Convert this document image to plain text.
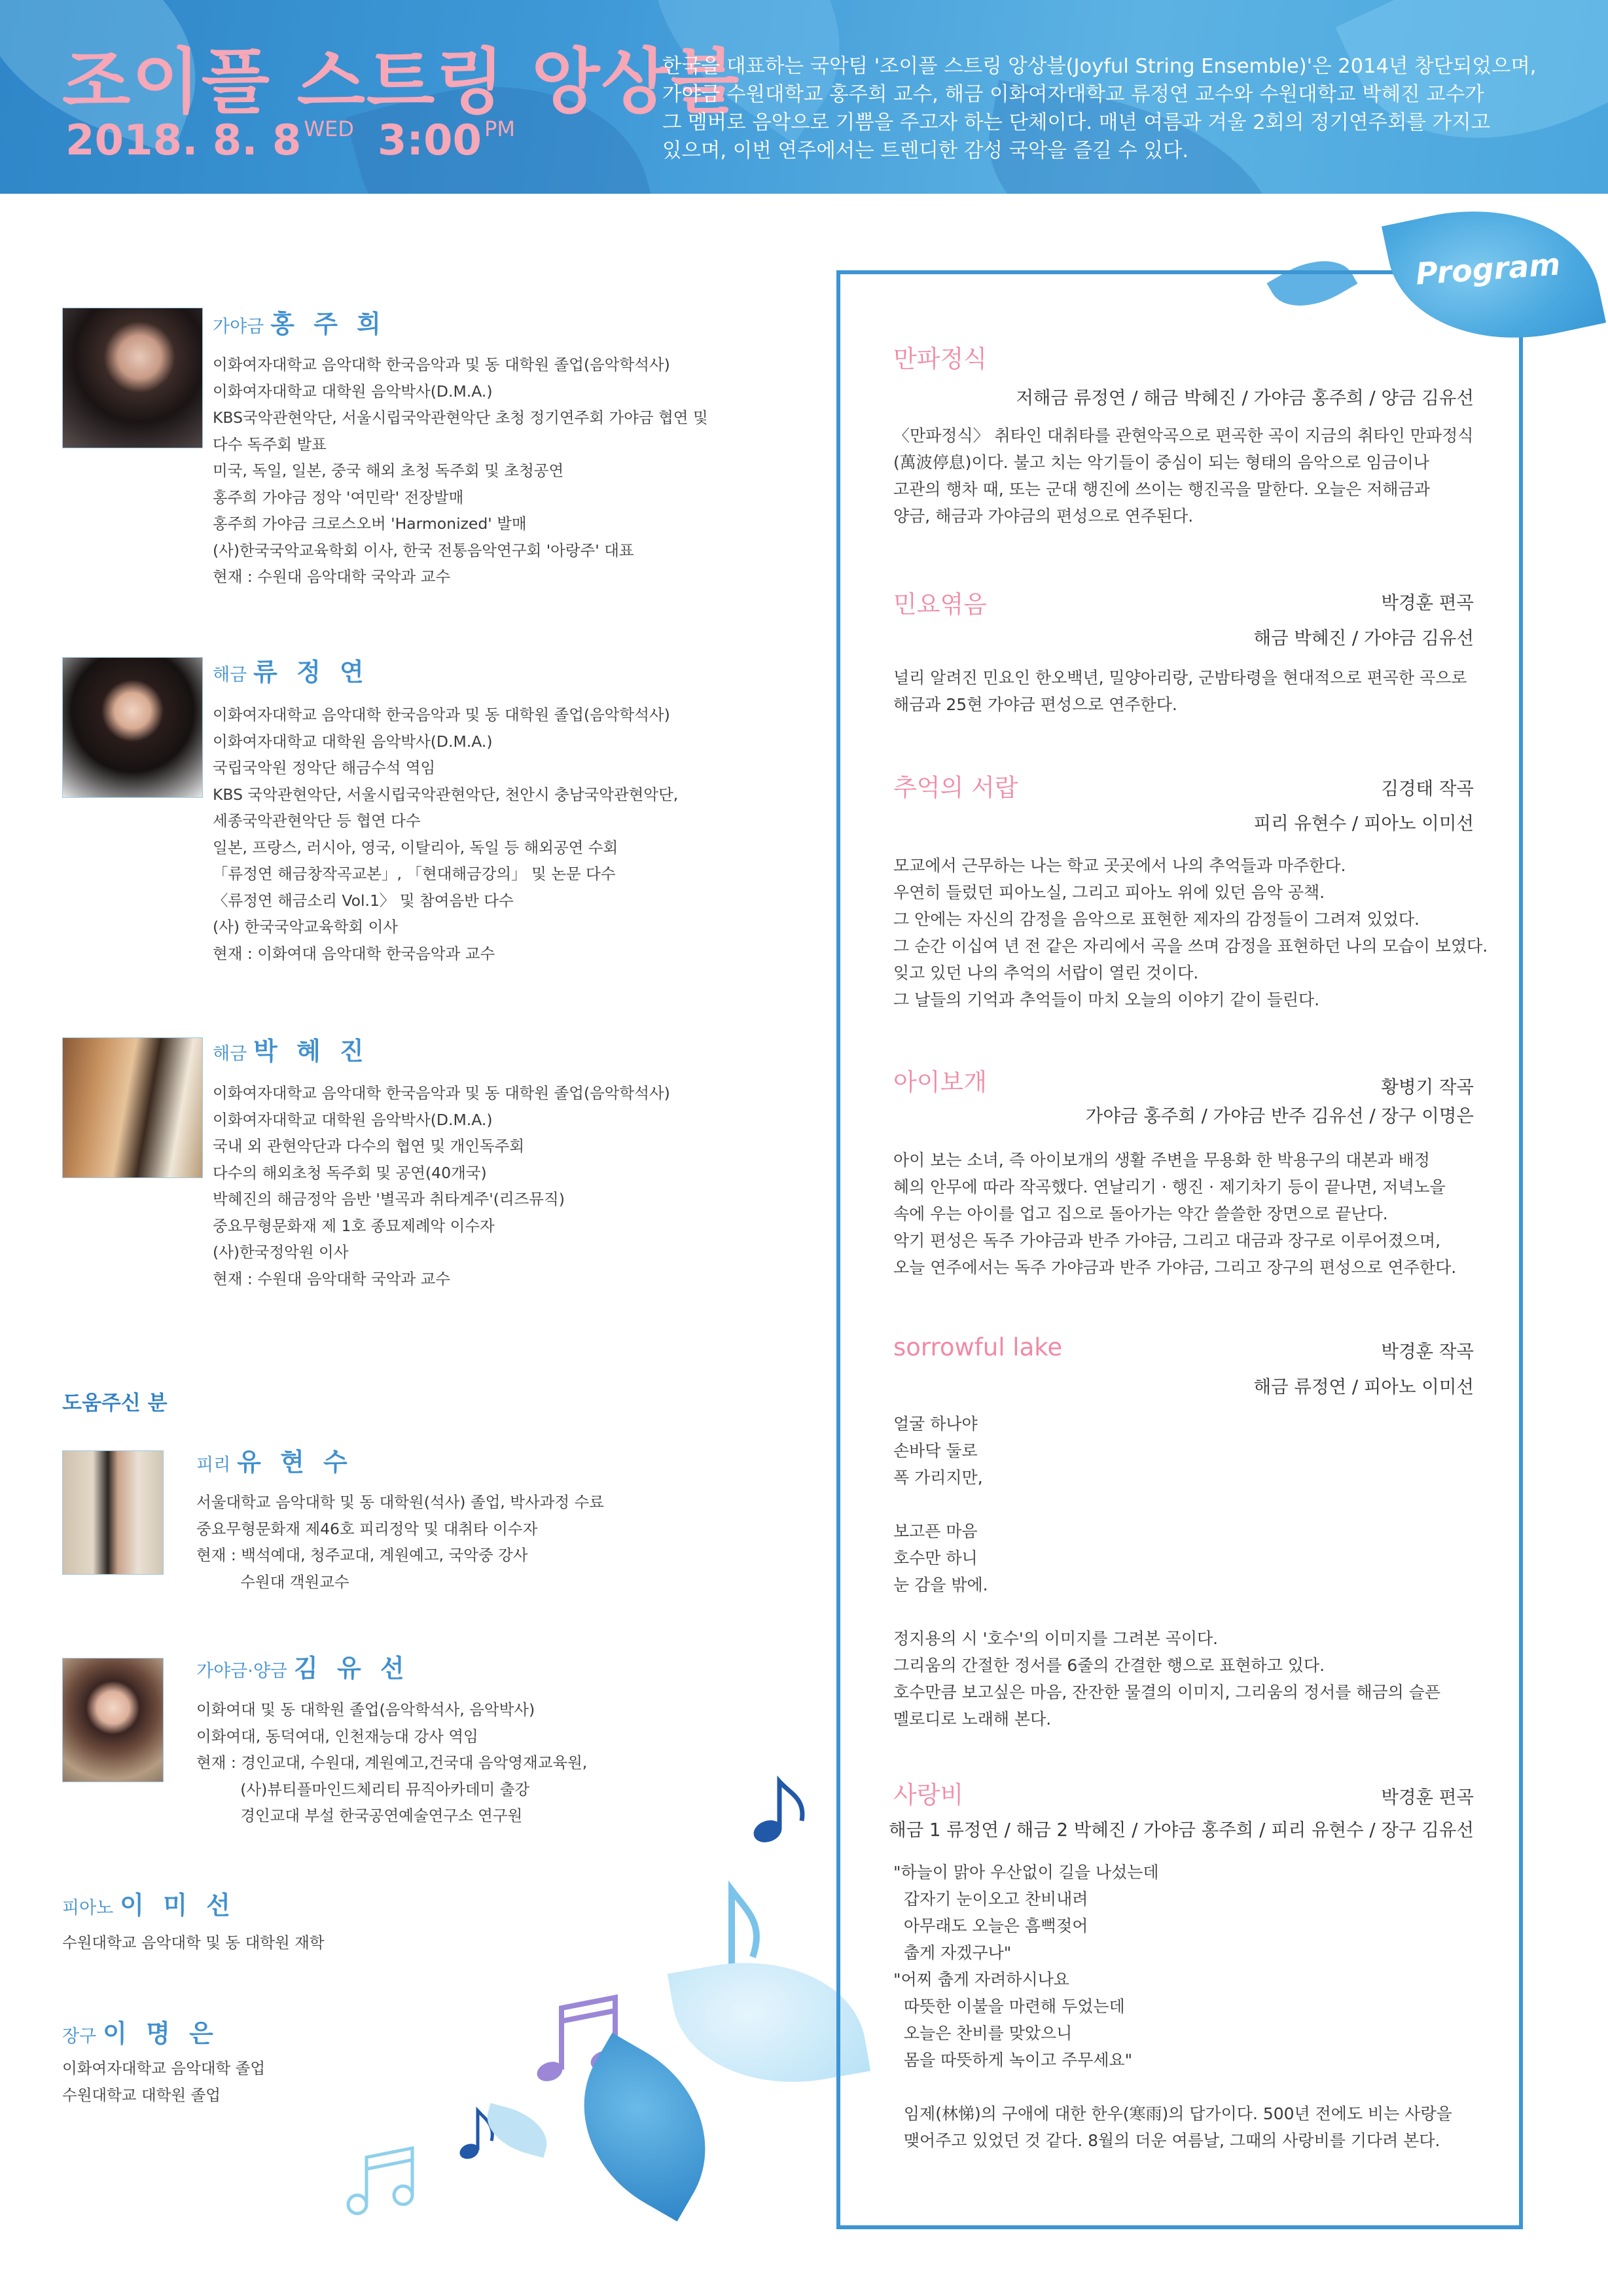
조이플 스트링 앙상블
2018. 8. 8 WED 3:00 PM
한국을 대표하는 국악팀 '조이플 스트링 앙상블(Joyful String Ensemble)'은 2014년 창단되었으며,
가야금 수원대학교 홍주희 교수, 해금 이화여자대학교 류정연 교수와 수원대학교 박혜진 교수가
그 멤버로 음악으로 기쁨을 주고자 하는 단체이다. 매년 여름과 겨울 2회의 정기연주회를 가지고
있으며, 이번 연주에서는 트렌디한 감성 국악을 즐길 수 있다.
가야금 홍 주 희
이화여자대학교 음악대학 한국음악과 및 동 대학원 졸업(음악학석사)
이화여자대학교 대학원 음악박사(D.M.A.)
KBS국악관현악단, 서울시립국악관현악단 초청 정기연주회 가야금 협연 및
다수 독주회 발표
미국, 독일, 일본, 중국 해외 초청 독주회 및 초청공연
홍주희 가야금 정악 '여민락' 전장발매
홍주희 가야금 크로스오버 'Harmonized' 발매
(사)한국국악교육학회 이사, 한국 전통음악연구회 '아랑주' 대표
현재 : 수원대 음악대학 국악과 교수
해금 류 정 연
이화여자대학교 음악대학 한국음악과 및 동 대학원 졸업(음악학석사)
이화여자대학교 대학원 음악박사(D.M.A.)
국립국악원 정악단 해금수석 역임
KBS 국악관현악단, 서울시립국악관현악단, 천안시 충남국악관현악단,
세종국악관현악단 등 협연 다수
일본, 프랑스, 러시아, 영국, 이탈리아, 독일 등 해외공연 수회
「류정연 해금창작곡교본」, 「현대해금강의」 및 논문 다수
〈류정연 해금소리 Vol.1〉 및 참여음반 다수
(사) 한국국악교육학회 이사
현재 : 이화여대 음악대학 한국음악과 교수
해금 박 혜 진
이화여자대학교 음악대학 한국음악과 및 동 대학원 졸업(음악학석사)
이화여자대학교 대학원 음악박사(D.M.A.)
국내 외 관현악단과 다수의 협연 및 개인독주회
다수의 해외초청 독주회 및 공연(40개국)
박혜진의 해금정악 음반 '별곡과 취타계주'(리즈뮤직)
중요무형문화재 제 1호 종묘제례악 이수자
(사)한국정악원 이사
현재 : 수원대 음악대학 국악과 교수
도움주신 분
피리 유 현 수
서울대학교 음악대학 및 동 대학원(석사) 졸업, 박사과정 수료
중요무형문화재 제46호 피리정악 및 대취타 이수자
현재 : 백석예대, 청주교대, 계원예고, 국악중 강사
수원대 객원교수
가야금·양금 김 유 선
이화여대 및 동 대학원 졸업(음악학석사, 음악박사)
이화여대, 동덕여대, 인천재능대 강사 역임
현재 : 경인교대, 수원대, 계원예고,건국대 음악영재교육원,
(사)뷰티플마인드체리티 뮤직아카데미 출강
경인교대 부설 한국공연예술연구소 연구원
피아노 이 미 선
수원대학교 음악대학 및 동 대학원 재학
장구 이 명 은
이화여자대학교 음악대학 졸업
수원대학교 대학원 졸업
Program
만파정식
저해금 류정연 / 해금 박혜진 / 가야금 홍주희 / 양금 김유선
〈만파정식〉 취타인 대취타를 관현악곡으로 편곡한 곡이 지금의 취타인 만파정식
(萬波停息)이다. 불고 치는 악기들이 중심이 되는 형태의 음악으로 임금이나
고관의 행차 때, 또는 군대 행진에 쓰이는 행진곡을 말한다. 오늘은 저해금과
양금, 해금과 가야금의 편성으로 연주된다.
민요엮음	박경훈 편곡
해금 박혜진 / 가야금 김유선
널리 알려진 민요인 한오백년, 밀양아리랑, 군밤타령을 현대적으로 편곡한 곡으로
해금과 25현 가야금 편성으로 연주한다.
추억의 서랍	김경태 작곡
피리 유현수 / 피아노 이미선
모교에서 근무하는 나는 학교 곳곳에서 나의 추억들과 마주한다.
우연히 들렀던 피아노실, 그리고 피아노 위에 있던 음악 공책.
그 안에는 자신의 감정을 음악으로 표현한 제자의 감정들이 그려져 있었다.
그 순간 이십여 년 전 같은 자리에서 곡을 쓰며 감정을 표현하던 나의 모습이 보였다.
잊고 있던 나의 추억의 서랍이 열린 것이다.
그 날들의 기억과 추억들이 마치 오늘의 이야기 같이 들린다.
아이보개	황병기 작곡
가야금 홍주희 / 가야금 반주 김유선 / 장구 이명은
아이 보는 소녀, 즉 아이보개의 생활 주변을 무용화 한 박용구의 대본과 배정
혜의 안무에 따라 작곡했다. 연날리기 · 행진 · 제기차기 등이 끝나면, 저녁노을
속에 우는 아이를 업고 집으로 돌아가는 약간 쓸쓸한 장면으로 끝난다.
악기 편성은 독주 가야금과 반주 가야금, 그리고 대금과 장구로 이루어졌으며,
오늘 연주에서는 독주 가야금과 반주 가야금, 그리고 장구의 편성으로 연주한다.
sorrowful lake	박경훈 작곡
해금 류정연 / 피아노 이미선
얼굴 하나야
손바닥 둘로
폭 가리지만,

보고픈 마음
호수만 하니
눈 감을 밖에.

정지용의 시 '호수'의 이미지를 그려본 곡이다.
그리움의 간절한 정서를 6줄의 간결한 행으로 표현하고 있다.
호수만큼 보고싶은 마음, 잔잔한 물결의 이미지, 그리움의 정서를 해금의 슬픈
멜로디로 노래해 본다.
사랑비	박경훈 편곡
해금 1 류정연 / 해금 2 박혜진 / 가야금 홍주희 / 피리 유현수 / 장구 김유선
"하늘이 맑아 우산없이 길을 나섰는데
갑자기 눈이오고 찬비내려
아무래도 오늘은 흠뻑젖어
춥게 자겠구나"
"어찌 춥게 자려하시나요
따뜻한 이불을 마련해 두었는데
오늘은 찬비를 맞았으니
몸을 따뜻하게 녹이고 주무세요"

임제(林悌)의 구애에 대한 한우(寒雨)의 답가이다. 500년 전에도 비는 사랑을
맺어주고 있었던 것 같다. 8월의 더운 여름날, 그때의 사랑비를 기다려 본다.
